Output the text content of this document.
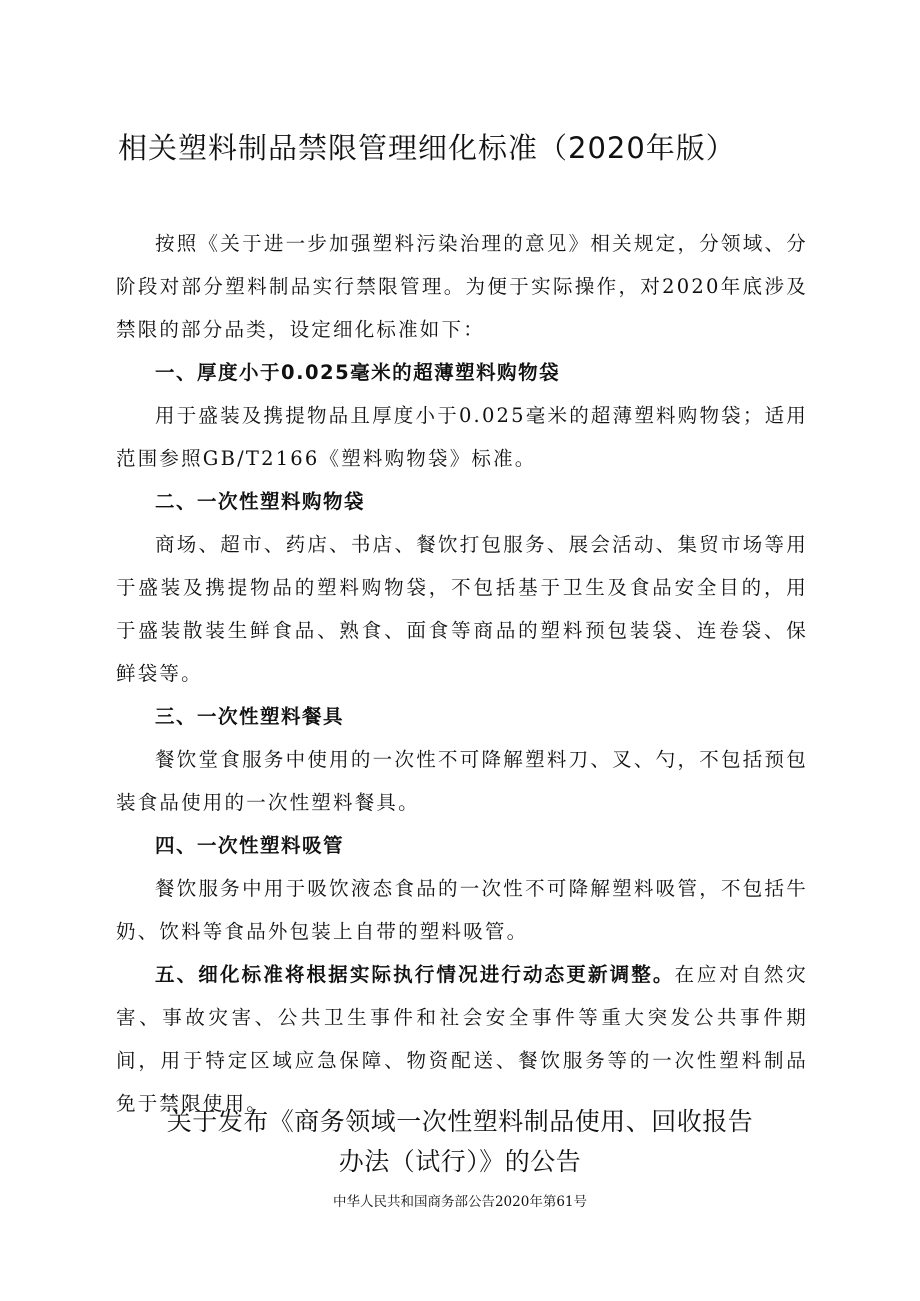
相关塑料制品禁限管理细化标准（2020年版）

按照《关于进一步加强塑料污染治理的意见》相关规定，分领域、分阶段对部分塑料制品实行禁限管理。为便于实际操作，对2020年底涉及禁限的部分品类，设定细化标准如下：

一、厚度小于0.025毫米的超薄塑料购物袋

用于盛装及携提物品且厚度小于0.025毫米的超薄塑料购物袋；适用范围参照GB/T2166《塑料购物袋》标准。

二、一次性塑料购物袋

商场、超市、药店、书店、餐饮打包服务、展会活动、集贸市场等用于盛装及携提物品的塑料购物袋，不包括基于卫生及食品安全目的，用于盛装散装生鲜食品、熟食、面食等商品的塑料预包装袋、连卷袋、保鲜袋等。

三、一次性塑料餐具

餐饮堂食服务中使用的一次性不可降解塑料刀、叉、勺，不包括预包装食品使用的一次性塑料餐具。

四、一次性塑料吸管

餐饮服务中用于吸饮液态食品的一次性不可降解塑料吸管，不包括牛奶、饮料等食品外包装上自带的塑料吸管。

五、细化标准将根据实际执行情况进行动态更新调整。在应对自然灾害、事故灾害、公共卫生事件和社会安全事件等重大突发公共事件期间，用于特定区域应急保障、物资配送、餐饮服务等的一次性塑料制品免于禁限使用。

关于发布《商务领域一次性塑料制品使用、回收报告
办法（试行）》的公告
中华人民共和国商务部公告2020年第61号
